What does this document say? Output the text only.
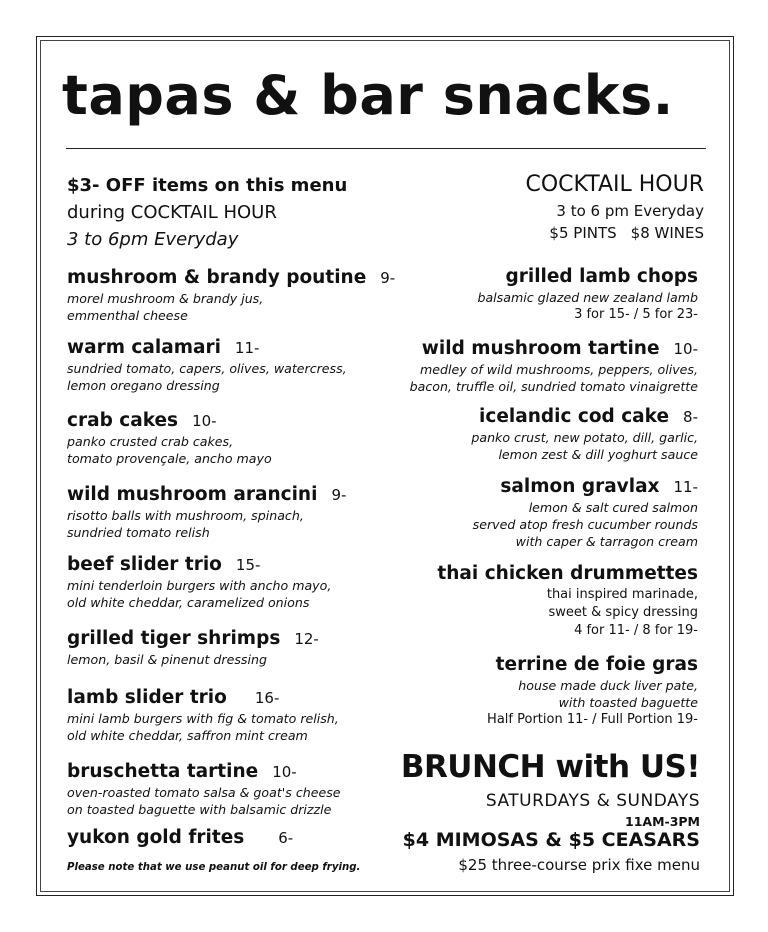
tapas & bar snacks.
$3- OFF items on this menu
during COCKTAIL HOUR
3 to 6pm Everyday
COCKTAIL HOUR
3 to 6 pm Everyday
$5 PINTS $8 WINES
mushroom & brandy poutine 9-
morel mushroom & brandy jus,
emmenthal cheese
warm calamari 11-
sundried tomato, capers, olives, watercress,
lemon oregano dressing
crab cakes 10-
panko crusted crab cakes,
tomato provençale, ancho mayo
wild mushroom arancini 9-
risotto balls with mushroom, spinach,
sundried tomato relish
beef slider trio 15-
mini tenderloin burgers with ancho mayo,
old white cheddar, caramelized onions
grilled tiger shrimps 12-
lemon, basil & pinenut dressing
lamb slider trio 16-
mini lamb burgers with fig & tomato relish,
old white cheddar, saffron mint cream
bruschetta tartine 10-
oven-roasted tomato salsa & goat's cheese
on toasted baguette with balsamic drizzle
yukon gold frites 6-
Please note that we use peanut oil for deep frying.
grilled lamb chops
balsamic glazed new zealand lamb
3 for 15- / 5 for 23-
wild mushroom tartine 10-
medley of wild mushrooms, peppers, olives,
bacon, truffle oil, sundried tomato vinaigrette
icelandic cod cake 8-
panko crust, new potato, dill, garlic,
lemon zest & dill yoghurt sauce
salmon gravlax 11-
lemon & salt cured salmon
served atop fresh cucumber rounds
with caper & tarragon cream
thai chicken drummettes
thai inspired marinade,
sweet & spicy dressing
4 for 11- / 8 for 19-
terrine de foie gras
house made duck liver pate,
with toasted baguette
Half Portion 11- / Full Portion 19-
BRUNCH with US!
SATURDAYS & SUNDAYS
11AM-3PM
$4 MIMOSAS & $5 CEASARS
$25 three-course prix fixe menu
